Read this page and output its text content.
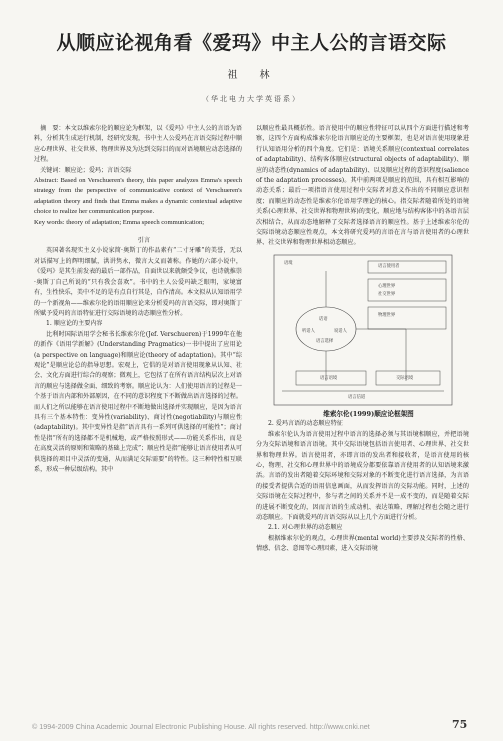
从顺应论视角看《爱玛》中主人公的言语交际
祖　林
（华北电力大学英语系）

　摘　要：本文以维索尔伦的顺应论为框架，以《爱玛》中主人公的言语为语料，分析其生成运行机制，经研究发现，书中主人公爱玛在言语交际过程中顺应心理世界、社交世界、物理世界及为达到交际目的而对语境顺应动态选择的过程。

　关键词：顺应论；爱玛；言语交际

Abstract: Based on Verschueren's theory, this paper analyzes Emma's speech strategy from the perspective of communicative context of Verschueren's adaptation theory and finds that Emma makes a dynamic contextual adaptive choice to realize her communication purpose.

Key words: theory of adaptation; Emma speech communication;

引言

英国著名现实主义小说家简·奥斯丁的作品素有“二寸牙雕”的美誉，无以对话描写上的辉明细腻，洪讲隽永，微言大义而著称。作她的六部小说中，《爱玛》是其生前发表的最后一部作品，自面世以来就颇受争议，也诗就推崇·奥斯丁自己所说的“只有我会喜欢”。书中的主人公爱玛缺乏眼明，家境富有，生性快乐，美中不足的是有点自行其是，自作清高。本文拟从认知语用学的一个新视角——维索尔伦的语用顺应论来分析爱玛的言语交际，即对奥斯丁所赋予爱玛的言语特征进行交际语境的动态顺应性分析。

1. 顺应论的主要内容

比利时国际语用学会秘书长维索尔伦(Jef. Verschueren)于1999年在他的新作《语用学新解》(Understanding Pragmatics)一书中提出了应用论(a perspective on language)和顺应论(theory of adaptation)。其中“综观论”是顺应论总的指导思想。宏观上，它倡的是对语言使用现象从认知、社会、文化方面进行综合的观察；微观上，它包括了在所有语言结构层次上对语言的顺应与选择做全面、细致的考察。顺应论认为：人们使用语言的过程是一个基于语言内部和外部原因，在不同的意识程度下不断做出语言选择的过程。而人们之所以能够在语言使用过程中不断地做出选择并实现顺应，是因为语言具有三个基本特性：变异性(variability)、商讨性(negotiability)与顺应性(adaptability)。其中变异性是指“语言具有一系列可供选择的可能性”；商讨性是指“所有的选择都不是机械地，或严格按照形式——功能关系作出，而是在高度灵活的原则和策略的基础上完成”；顺应性是指“能够让语言使用者从可供选择的项目中灵活的变通，从而满足交际需要”的特性。这三种特性相互联系，形成一种层级结构。其中

以顺应性最具概括性。语言使用中的顺应性特征可以从四个方面进行描述和考察，这四个方面构成维索尔伦语言顺应论的主要框架，也是对语言使用现象进行认知语用分析的四个角度。它们是：语境关系顺应(contextual correlates of adaptability)、结构客体顺应(structural objects of adaptability)、顺应的动态性(dynamics of adaptability)、以及顺应过程的意识程度(salience of the adaptation processes)。其中前两项是顺应的范围，具有相互影响的动态关系；最后一项指语言使用过程中交际者对意义作出的不同顺应意识程度；而顺应的动态性是维索尔伦语用学理论的核心。指交际者随着所处的语境关系(心理世界、社交世界和物理世界)的变化，顺应地与结构客体中的各语言层次相结合，从而动态地解释了交际者选择语言的顺应性。基于上述维索尔伦的交际语境动态顺应性观点，本文将研究爱玛的言语在言与语言使用者的心理世界、社交世界和物理世界相动态顺应。

语言使用者
心理世界
社交世界
物理世界
话语
听话人	说话人
语言选择
语境
语言语境	交际语境
语言信道

维索尔伦(1999)顺应论框架图

2. 爱玛言语的动态顺应特征

维索尔伦认为语言使用过程中语言的选择必须与其语境相顺应，并把语境分为交际语境和语言语境。其中交际语境包括语言使用者、心理世界、社交世界和物理世界。语言使用者，亦即言语的发出者和接收者，是语言使用的核心，物理、社交和心理世界中的语境成分都要依靠语言使用者的认知语境来激活。言语的发出者随着交际环境和交际对象的不断变化进行语言选择，为言语的接受者提供合适的语用信息画面，从而发挥语言的交际功能。同时，上述的交际语境在交际过程中，参与者之间的关系并不是一成不变的，而是随着交际的进展不断变化的，因而言语的生成动机、表达策略、理解过程也会随之进行动态顺应。下面就爱玛的言语交际从以上几个方面进行分析。

2.1. 对心理世界的动态顺应

根据维索尔伦的观点，心理世界(mental world)主要涉及交际者的性格、情感、信念、意图等心理因素，进入交际语境

© 1994-2009 China Academic Journal Electronic Publishing House. All rights reserved. http://www.cnki.net	75
